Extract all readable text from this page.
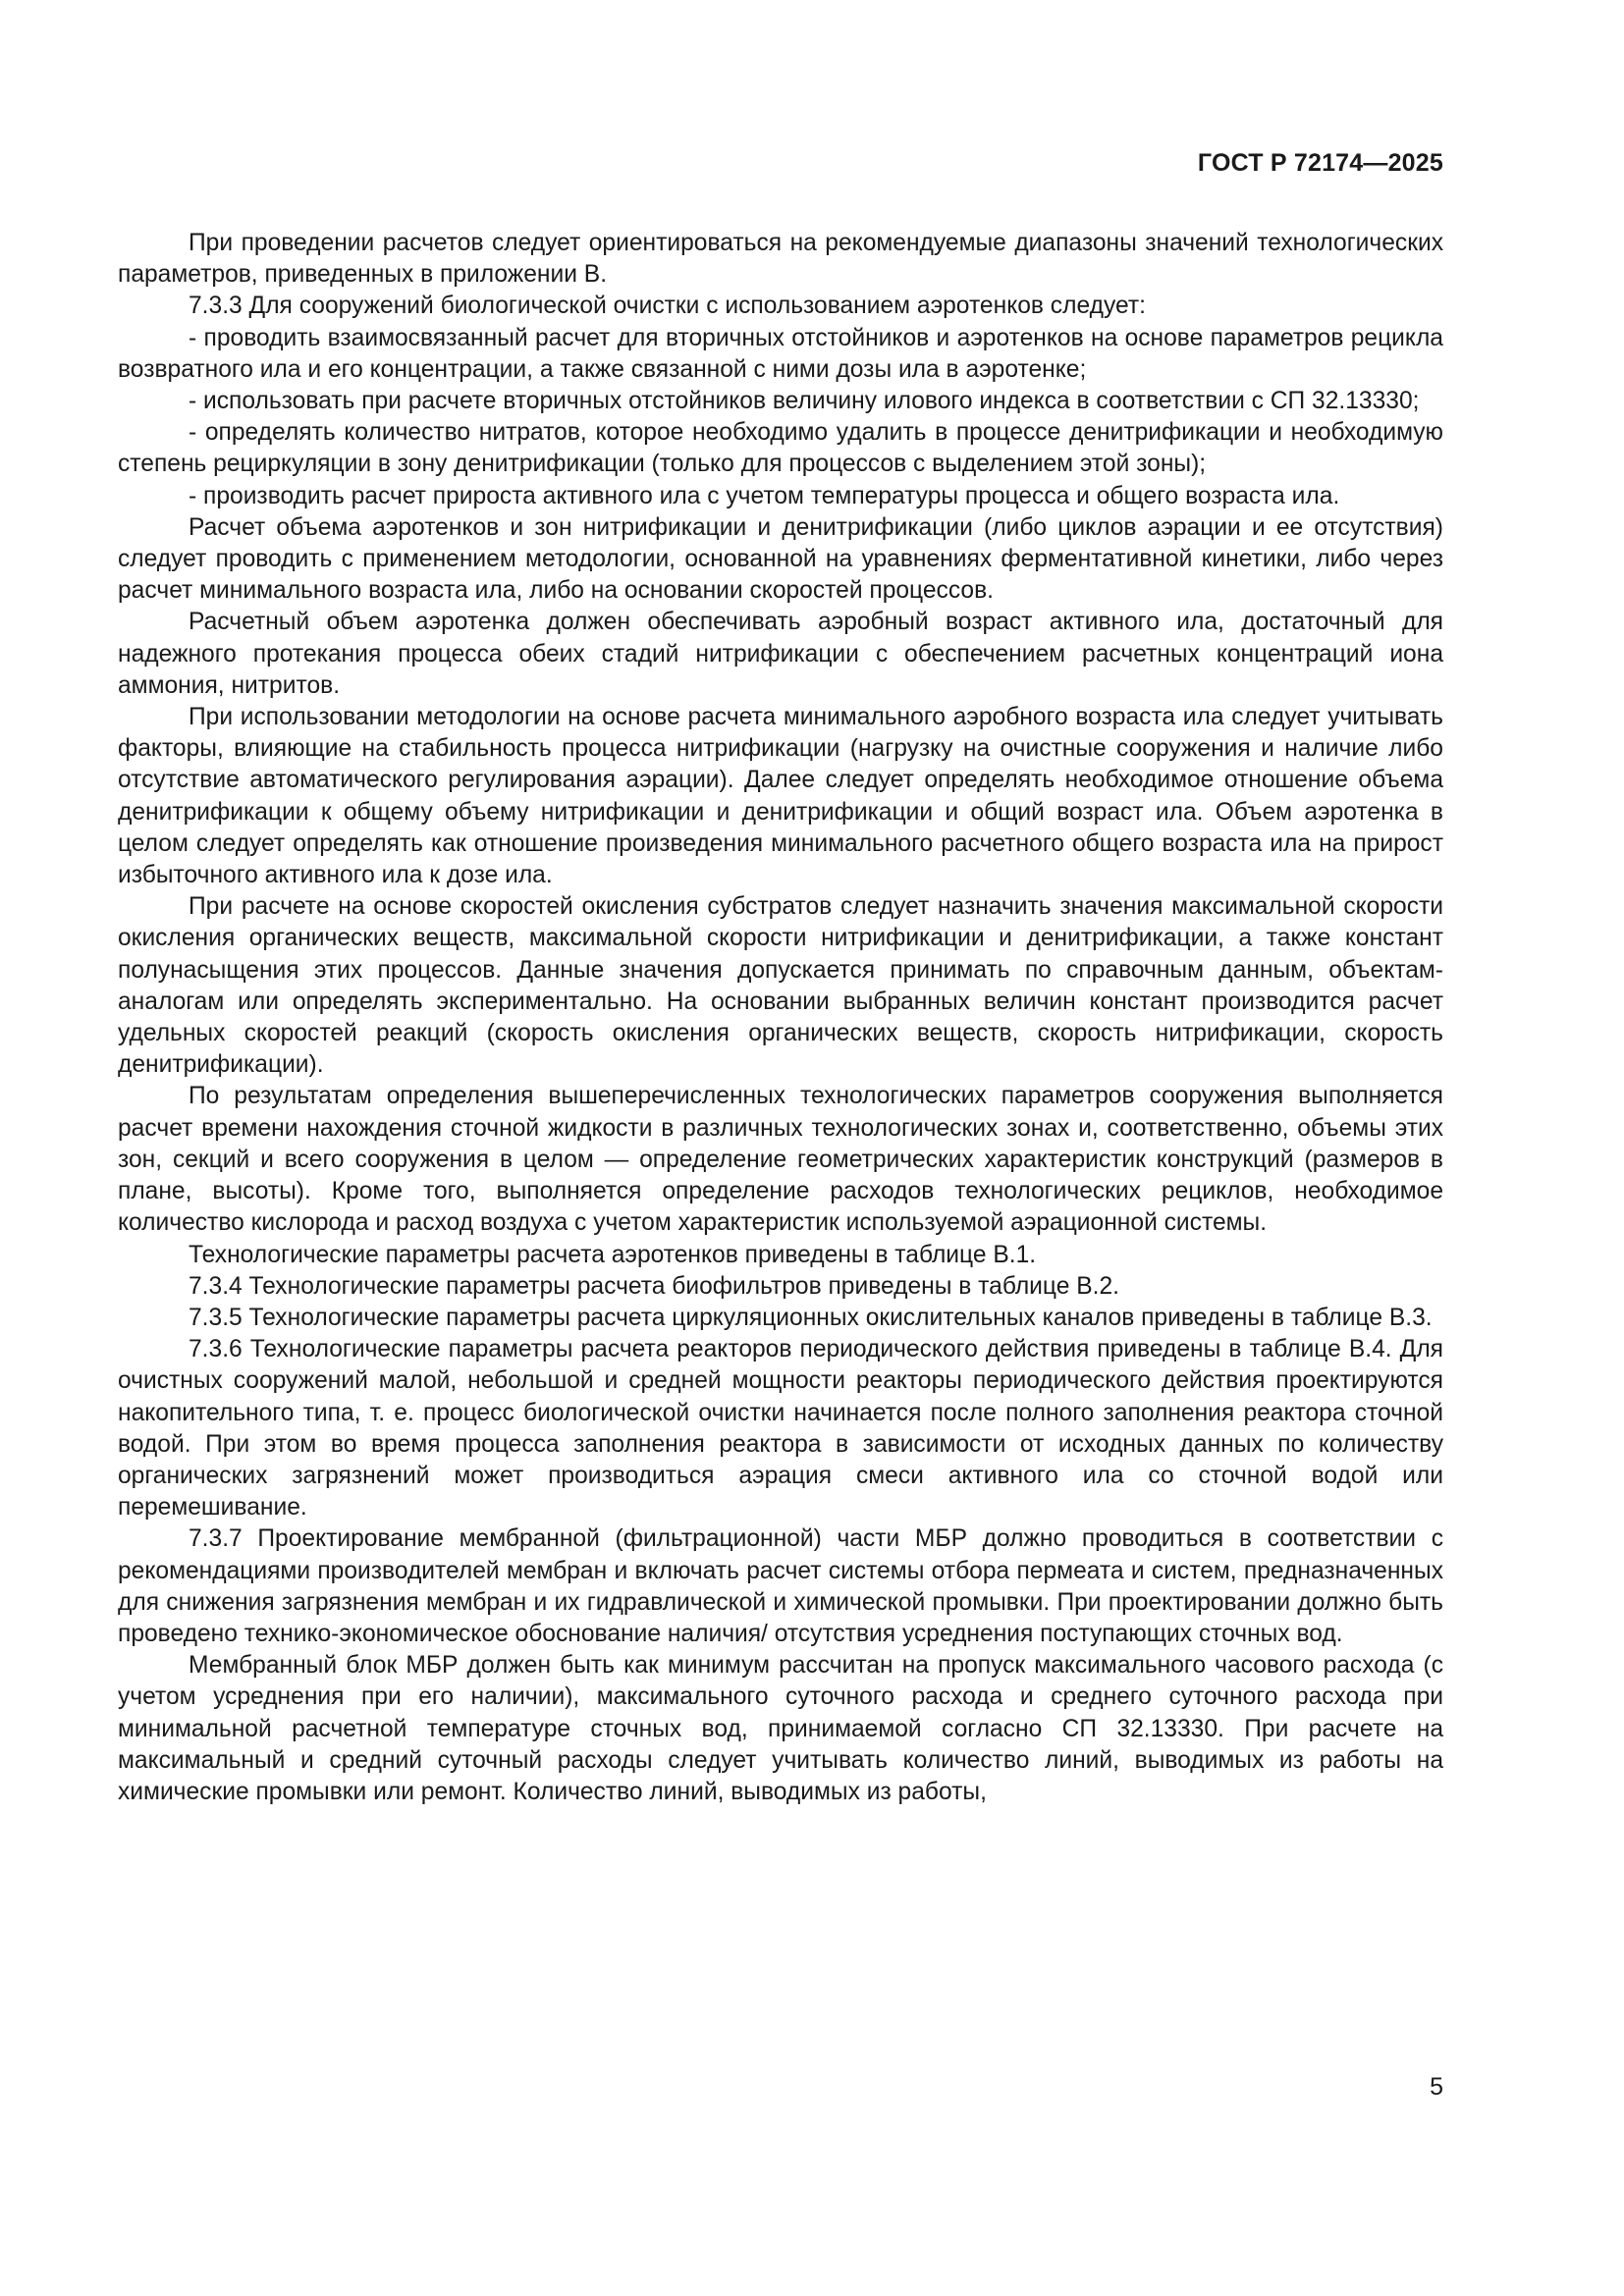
ГОСТ Р 72174—2025

При проведении расчетов следует ориентироваться на рекомендуемые диапазоны значений технологических параметров, приведенных в приложении В.

7.3.3 Для сооружений биологической очистки с использованием аэротенков следует:

- проводить взаимосвязанный расчет для вторичных отстойников и аэротенков на основе параметров рецикла возвратного ила и его концентрации, а также связанной с ними дозы ила в аэротенке;

- использовать при расчете вторичных отстойников величину илового индекса в соответствии с СП 32.13330;

- определять количество нитратов, которое необходимо удалить в процессе денитрификации и необходимую степень рециркуляции в зону денитрификации (только для процессов с выделением этой зоны);

- производить расчет прироста активного ила с учетом температуры процесса и общего возраста ила.

Расчет объема аэротенков и зон нитрификации и денитрификации (либо циклов аэрации и ее отсутствия) следует проводить с применением методологии, основанной на уравнениях ферментативной кинетики, либо через расчет минимального возраста ила, либо на основании скоростей процессов.

Расчетный объем аэротенка должен обеспечивать аэробный возраст активного ила, достаточный для надежного протекания процесса обеих стадий нитрификации с обеспечением расчетных концентраций иона аммония, нитритов.

При использовании методологии на основе расчета минимального аэробного возраста ила следует учитывать факторы, влияющие на стабильность процесса нитрификации (нагрузку на очистные сооружения и наличие либо отсутствие автоматического регулирования аэрации). Далее следует определять необходимое отношение объема денитрификации к общему объему нитрификации и денитрификации и общий возраст ила. Объем аэротенка в целом следует определять как отношение произведения минимального расчетного общего возраста ила на прирост избыточного активного ила к дозе ила.

При расчете на основе скоростей окисления субстратов следует назначить значения максимальной скорости окисления органических веществ, максимальной скорости нитрификации и денитрификации, а также констант полунасыщения этих процессов. Данные значения допускается принимать по справочным данным, объектам-аналогам или определять экспериментально. На основании выбранных величин констант производится расчет удельных скоростей реакций (скорость окисления органических веществ, скорость нитрификации, скорость денитрификации).

По результатам определения вышеперечисленных технологических параметров сооружения выполняется расчет времени нахождения сточной жидкости в различных технологических зонах и, соответственно, объемы этих зон, секций и всего сооружения в целом — определение геометрических характеристик конструкций (размеров в плане, высоты). Кроме того, выполняется определение расходов технологических рециклов, необходимое количество кислорода и расход воздуха с учетом характеристик используемой аэрационной системы.

Технологические параметры расчета аэротенков приведены в таблице В.1.

7.3.4 Технологические параметры расчета биофильтров приведены в таблице В.2.

7.3.5 Технологические параметры расчета циркуляционных окислительных каналов приведены в таблице В.3.

7.3.6 Технологические параметры расчета реакторов периодического действия приведены в таблице В.4. Для очистных сооружений малой, небольшой и средней мощности реакторы периодического действия проектируются накопительного типа, т. е. процесс биологической очистки начинается после полного заполнения реактора сточной водой. При этом во время процесса заполнения реактора в зависимости от исходных данных по количеству органических загрязнений может производиться аэрация смеси активного ила со сточной водой или перемешивание.

7.3.7 Проектирование мембранной (фильтрационной) части МБР должно проводиться в соответствии с рекомендациями производителей мембран и включать расчет системы отбора пермеата и систем, предназначенных для снижения загрязнения мембран и их гидравлической и химической промывки. При проектировании должно быть проведено технико-экономическое обоснование наличия/ отсутствия усреднения поступающих сточных вод.

Мембранный блок МБР должен быть как минимум рассчитан на пропуск максимального часового расхода (с учетом усреднения при его наличии), максимального суточного расхода и среднего суточного расхода при минимальной расчетной температуре сточных вод, принимаемой согласно СП 32.13330. При расчете на максимальный и средний суточный расходы следует учитывать количество линий, выводимых из работы на химические промывки или ремонт. Количество линий, выводимых из работы,

5
